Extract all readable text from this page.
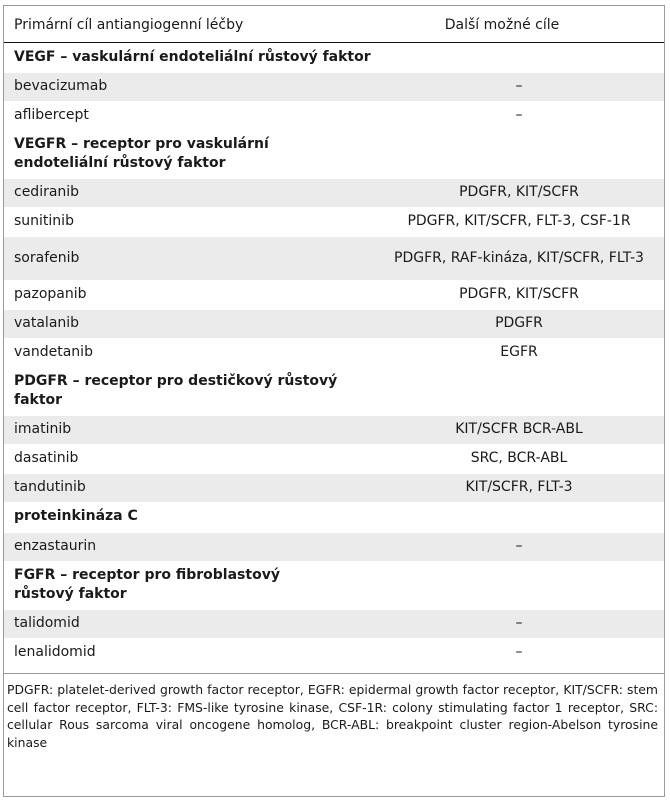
Primární cíl antiangiogenní léčby	Další možné cíle
VEGF – vaskulární endoteliální růstový faktor	
bevacizumab	–
aflibercept	–
VEGFR – receptor pro vaskulární endoteliální růstový faktor	
cediranib	PDGFR, KIT/SCFR
sunitinib	PDGFR, KIT/SCFR, FLT-3, CSF-1R
sorafenib	PDGFR, RAF-kináza, KIT/SCFR, FLT-3
pazopanib	PDGFR, KIT/SCFR
vatalanib	PDGFR
vandetanib	EGFR
PDGFR – receptor pro destičkový růstový faktor	
imatinib	KIT/SCFR BCR-ABL
dasatinib	SRC, BCR-ABL
tandutinib	KIT/SCFR, FLT-3
proteinkináza C	
enzastaurin	–
FGFR – receptor pro fibroblastový růstový faktor	
talidomid	–
lenalidomid	–
PDGFR: platelet-derived growth factor receptor, EGFR: epidermal growth factor receptor, KIT/SCFR: stem cell factor receptor, FLT-3: FMS-like tyrosine kinase, CSF-1R: colony stimulating factor 1 receptor, SRC: cellular Rous sarcoma viral oncogene homolog, BCR-ABL: breakpoint cluster region-Abelson tyrosine kinase
